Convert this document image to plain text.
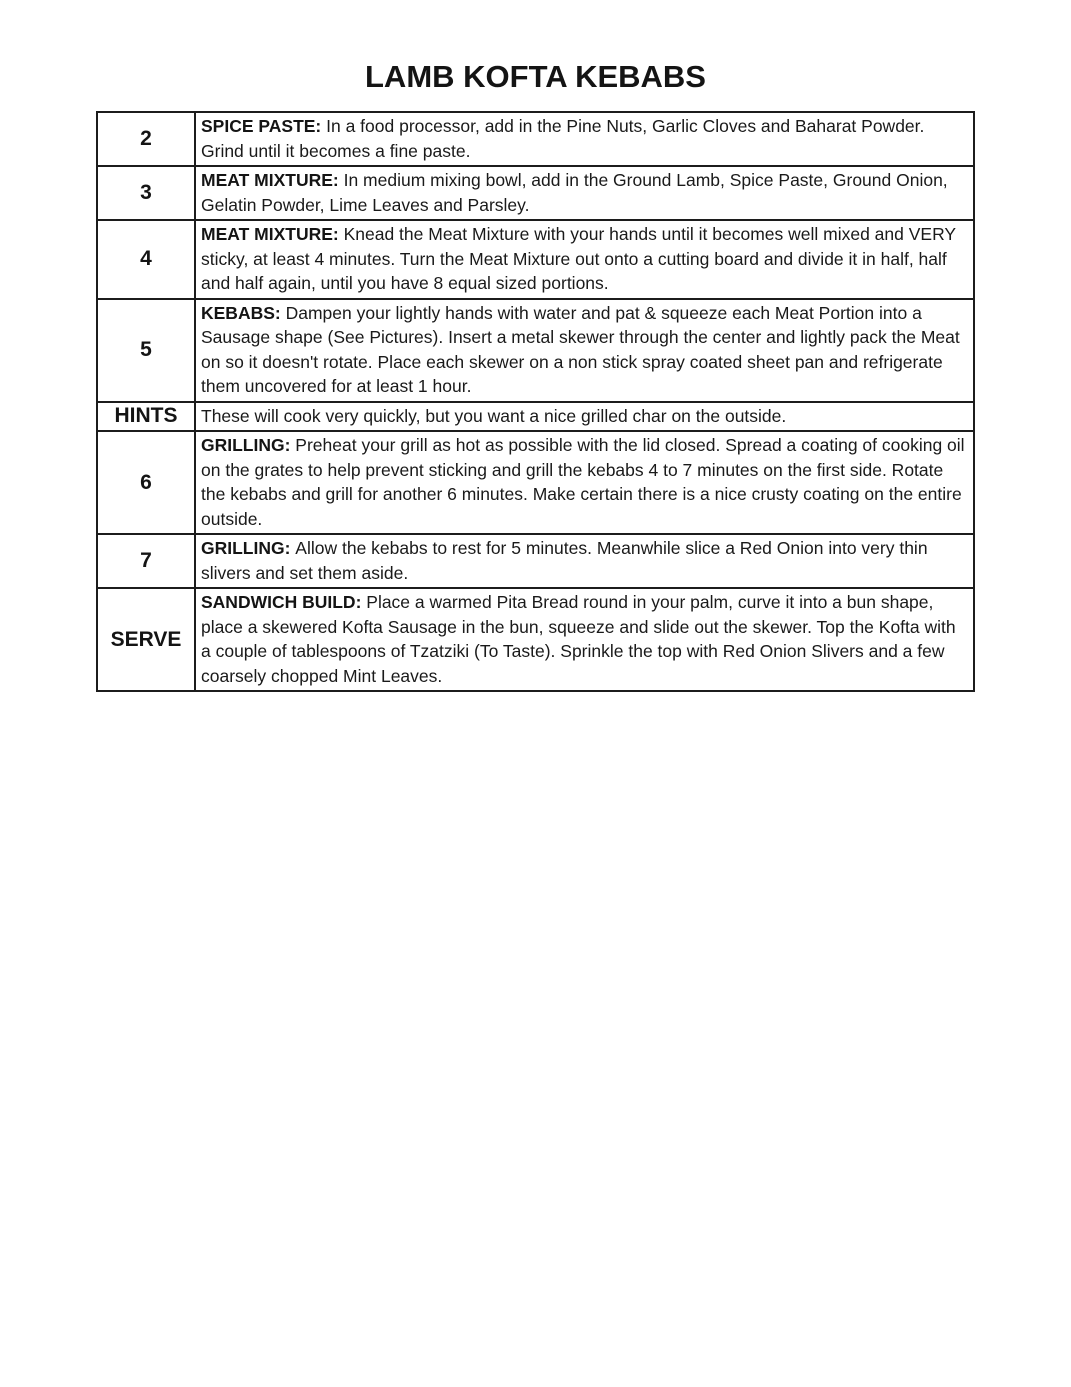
LAMB KOFTA KEBABS
2	SPICE PASTE: In a food processor, add in the Pine Nuts, Garlic Cloves and Baharat Powder. Grind until it becomes a fine paste.
3	MEAT MIXTURE: In medium mixing bowl, add in the Ground Lamb, Spice Paste, Ground Onion, Gelatin Powder, Lime Leaves and Parsley.
4	MEAT MIXTURE: Knead the Meat Mixture with your hands until it becomes well mixed and VERY sticky, at least 4 minutes. Turn the Meat Mixture out onto a cutting board and divide it in half, half and half again, until you have 8 equal sized portions.
5	KEBABS: Dampen your lightly hands with water and pat & squeeze each Meat Portion into a Sausage shape (See Pictures). Insert a metal skewer through the center and lightly pack the Meat on so it doesn't rotate. Place each skewer on a non stick spray coated sheet pan and refrigerate them uncovered for at least 1 hour.
HINTS	These will cook very quickly, but you want a nice grilled char on the outside.
6	GRILLING: Preheat your grill as hot as possible with the lid closed. Spread a coating of cooking oil on the grates to help prevent sticking and grill the kebabs 4 to 7 minutes on the first side. Rotate the kebabs and grill for another 6 minutes. Make certain there is a nice crusty coating on the entire outside.
7	GRILLING: Allow the kebabs to rest for 5 minutes. Meanwhile slice a Red Onion into very thin slivers and set them aside.
SERVE	SANDWICH BUILD: Place a warmed Pita Bread round in your palm, curve it into a bun shape, place a skewered Kofta Sausage in the bun, squeeze and slide out the skewer. Top the Kofta with a couple of tablespoons of Tzatziki (To Taste). Sprinkle the top with Red Onion Slivers and a few coarsely chopped Mint Leaves.
